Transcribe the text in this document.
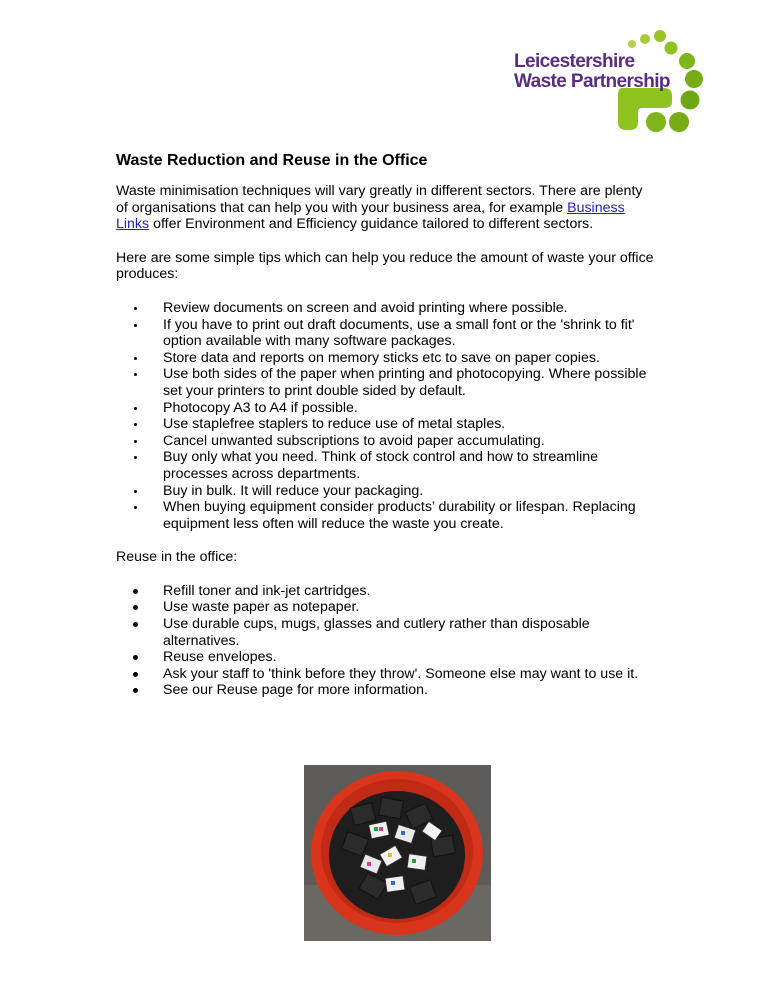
Leicestershire
Waste Partnership
Waste Reduction and Reuse in the Office

Waste minimisation techniques will vary greatly in different sectors. There are plenty of organisations that can help you with your business area, for example Business Links offer Environment and Efficiency guidance tailored to different sectors.

Here are some simple tips which can help you reduce the amount of waste your office produces:

Review documents on screen and avoid printing where possible.
If you have to print out draft documents, use a small font or the 'shrink to fit' option available with many software packages.
Store data and reports on memory sticks etc to save on paper copies.
Use both sides of the paper when printing and photocopying. Where possible set your printers to print double sided by default.
Photocopy A3 to A4 if possible.
Use staplefree staplers to reduce use of metal staples.
Cancel unwanted subscriptions to avoid paper accumulating.
Buy only what you need. Think of stock control and how to streamline processes across departments.
Buy in bulk. It will reduce your packaging.
When buying equipment consider products’ durability or lifespan. Replacing equipment less often will reduce the waste you create.

Reuse in the office:

Refill toner and ink-jet cartridges.
Use waste paper as notepaper.
Use durable cups, mugs, glasses and cutlery rather than disposable alternatives.
Reuse envelopes.
Ask your staff to 'think before they throw'. Someone else may want to use it.
See our Reuse page for more information.
